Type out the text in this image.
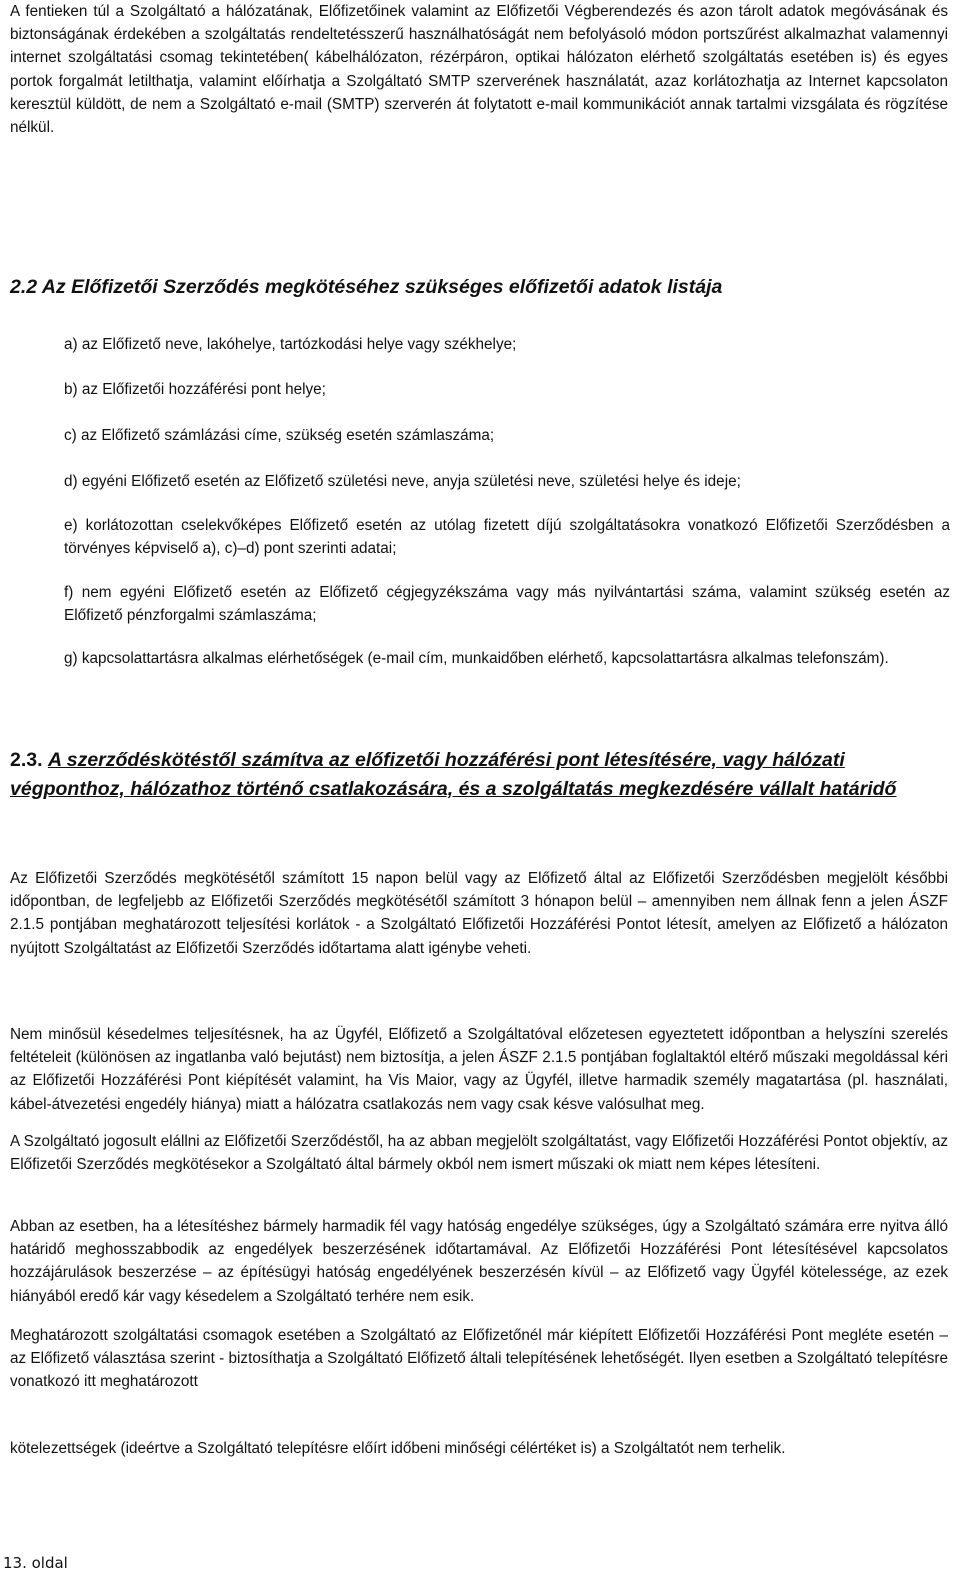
A fentieken túl a Szolgáltató a hálózatának, Előfizetőinek valamint az Előfizetői Végberendezés és azon tárolt adatok megóvásának és biztonságának érdekében a szolgáltatás rendeltetésszerű használhatóságát nem befolyásoló módon portszűrést alkalmazhat valamennyi internet szolgáltatási csomag tekintetében( kábelhálózaton, rézérpáron, optikai hálózaton elérhető szolgáltatás esetében is) és egyes portok forgalmát letilthatja, valamint előírhatja a Szolgáltató SMTP szerverének használatát, azaz korlátozhatja az Internet kapcsolaton keresztül küldött, de nem a Szolgáltató e-mail (SMTP) szerverén át folytatott e-mail kommunikációt annak tartalmi vizsgálata és rögzítése nélkül.

2.2 Az Előfizetői Szerződés megkötéséhez szükséges előfizetői adatok listája

a) az Előfizető neve, lakóhelye, tartózkodási helye vagy székhelye;

b) az Előfizetői hozzáférési pont helye;

c) az Előfizető számlázási címe, szükség esetén számlaszáma;

d) egyéni Előfizető esetén az Előfizető születési neve, anyja születési neve, születési helye és ideje;

e) korlátozottan cselekvőképes Előfizető esetén az utólag fizetett díjú szolgáltatásokra vonatkozó Előfizetői Szerződésben a törvényes képviselő a), c)–d) pont szerinti adatai;

f) nem egyéni Előfizető esetén az Előfizető cégjegyzékszáma vagy más nyilvántartási száma, valamint szükség esetén az Előfizető pénzforgalmi számlaszáma;

g) kapcsolattartásra alkalmas elérhetőségek (e-mail cím, munkaidőben elérhető, kapcsolattartásra alkalmas telefonszám).

2.3. A szerződéskötéstől számítva az előfizetői hozzáférési pont létesítésére, vagy hálózati végponthoz, hálózathoz történő csatlakozására, és a szolgáltatás megkezdésére vállalt határidő

Az Előfizetői Szerződés megkötésétől számított 15 napon belül vagy az Előfizető által az Előfizetői Szerződésben megjelölt későbbi időpontban, de legfeljebb az Előfizetői Szerződés megkötésétől számított 3 hónapon belül – amennyiben nem állnak fenn a jelen ÁSZF 2.1.5 pontjában meghatározott teljesítési korlátok - a Szolgáltató Előfizetői Hozzáférési Pontot létesít, amelyen az Előfizető a hálózaton nyújtott Szolgáltatást az Előfizetői Szerződés időtartama alatt igénybe veheti.

Nem minősül késedelmes teljesítésnek, ha az Ügyfél, Előfizető a Szolgáltatóval előzetesen egyeztetett időpontban a helyszíni szerelés feltételeit (különösen az ingatlanba való bejutást) nem biztosítja, a jelen ÁSZF 2.1.5 pontjában foglaltaktól eltérő műszaki megoldással kéri az Előfizetői Hozzáférési Pont kiépítését valamint, ha Vis Maior, vagy az Ügyfél, illetve harmadik személy magatartása (pl. használati, kábel-átvezetési engedély hiánya) miatt a hálózatra csatlakozás nem vagy csak késve valósulhat meg.

A Szolgáltató jogosult elállni az Előfizetői Szerződéstől, ha az abban megjelölt szolgáltatást, vagy Előfizetői Hozzáférési Pontot objektív, az Előfizetői Szerződés megkötésekor a Szolgáltató által bármely okból nem ismert műszaki ok miatt nem képes létesíteni.

Abban az esetben, ha a létesítéshez bármely harmadik fél vagy hatóság engedélye szükséges, úgy a Szolgáltató számára erre nyitva álló határidő meghosszabbodik az engedélyek beszerzésének időtartamával. Az Előfizetői Hozzáférési Pont létesítésével kapcsolatos hozzájárulások beszerzése – az építésügyi hatóság engedélyének beszerzésén kívül – az Előfizető vagy Ügyfél kötelessége, az ezek hiányából eredő kár vagy késedelem a Szolgáltató terhére nem esik.

Meghatározott szolgáltatási csomagok esetében a Szolgáltató az Előfizetőnél már kiépített Előfizetői Hozzáférési Pont megléte esetén – az Előfizető választása szerint - biztosíthatja a Szolgáltató Előfizető általi telepítésének lehetőségét. Ilyen esetben a Szolgáltató telepítésre vonatkozó itt meghatározott

kötelezettségek (ideértve a Szolgáltató telepítésre előírt időbeni minőségi célértéket is) a Szolgáltatót nem terhelik.

13. oldal
